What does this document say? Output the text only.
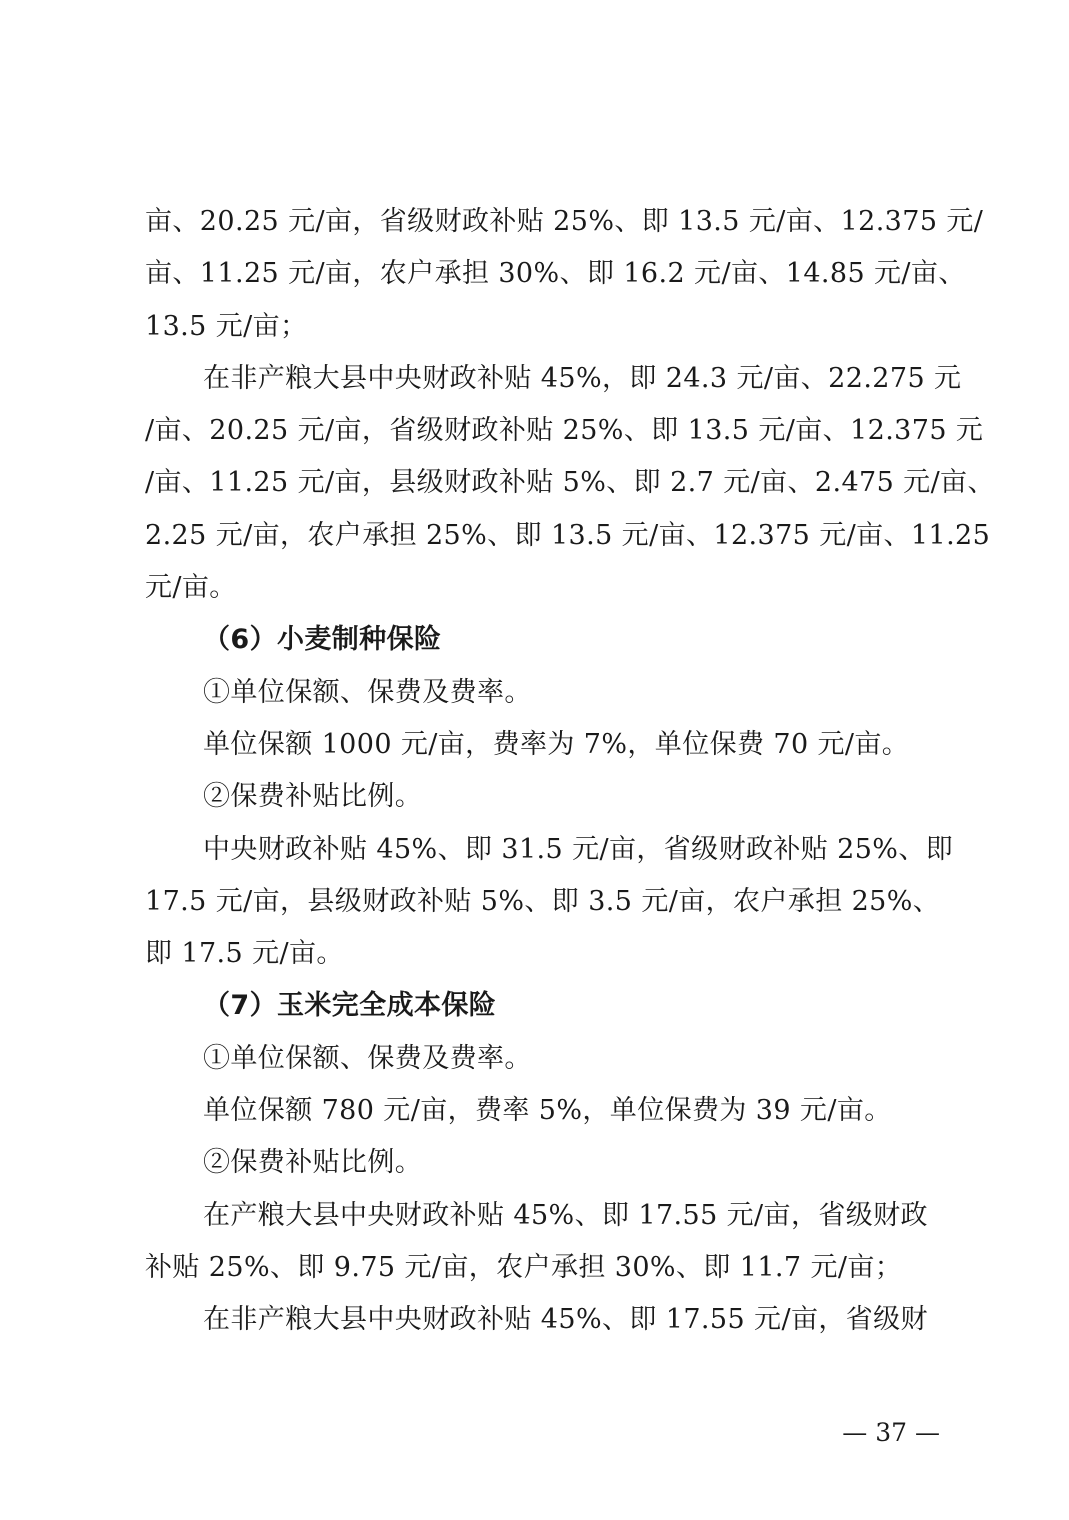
亩、20.25 元/亩，省级财政补贴 25%、即 13.5 元/亩、12.375 元/
亩、11.25 元/亩，农户承担 30%、即 16.2 元/亩、14.85 元/亩、
13.5 元/亩；
在非产粮大县中央财政补贴 45%，即 24.3 元/亩、22.275 元
/亩、20.25 元/亩，省级财政补贴 25%、即 13.5 元/亩、12.375 元
/亩、11.25 元/亩，县级财政补贴 5%、即 2.7 元/亩、2.475 元/亩、
2.25 元/亩，农户承担 25%、即 13.5 元/亩、12.375 元/亩、11.25
元/亩。
（6）小麦制种保险
①单位保额、保费及费率。
单位保额 1000 元/亩，费率为 7%，单位保费 70 元/亩。
②保费补贴比例。
中央财政补贴 45%、即 31.5 元/亩，省级财政补贴 25%、即
17.5 元/亩，县级财政补贴 5%、即 3.5 元/亩，农户承担 25%、
即 17.5 元/亩。
（7）玉米完全成本保险
①单位保额、保费及费率。
单位保额 780 元/亩，费率 5%，单位保费为 39 元/亩。
②保费补贴比例。
在产粮大县中央财政补贴 45%、即 17.55 元/亩，省级财政
补贴 25%、即 9.75 元/亩，农户承担 30%、即 11.7 元/亩；
在非产粮大县中央财政补贴 45%、即 17.55 元/亩，省级财
— 37 —
